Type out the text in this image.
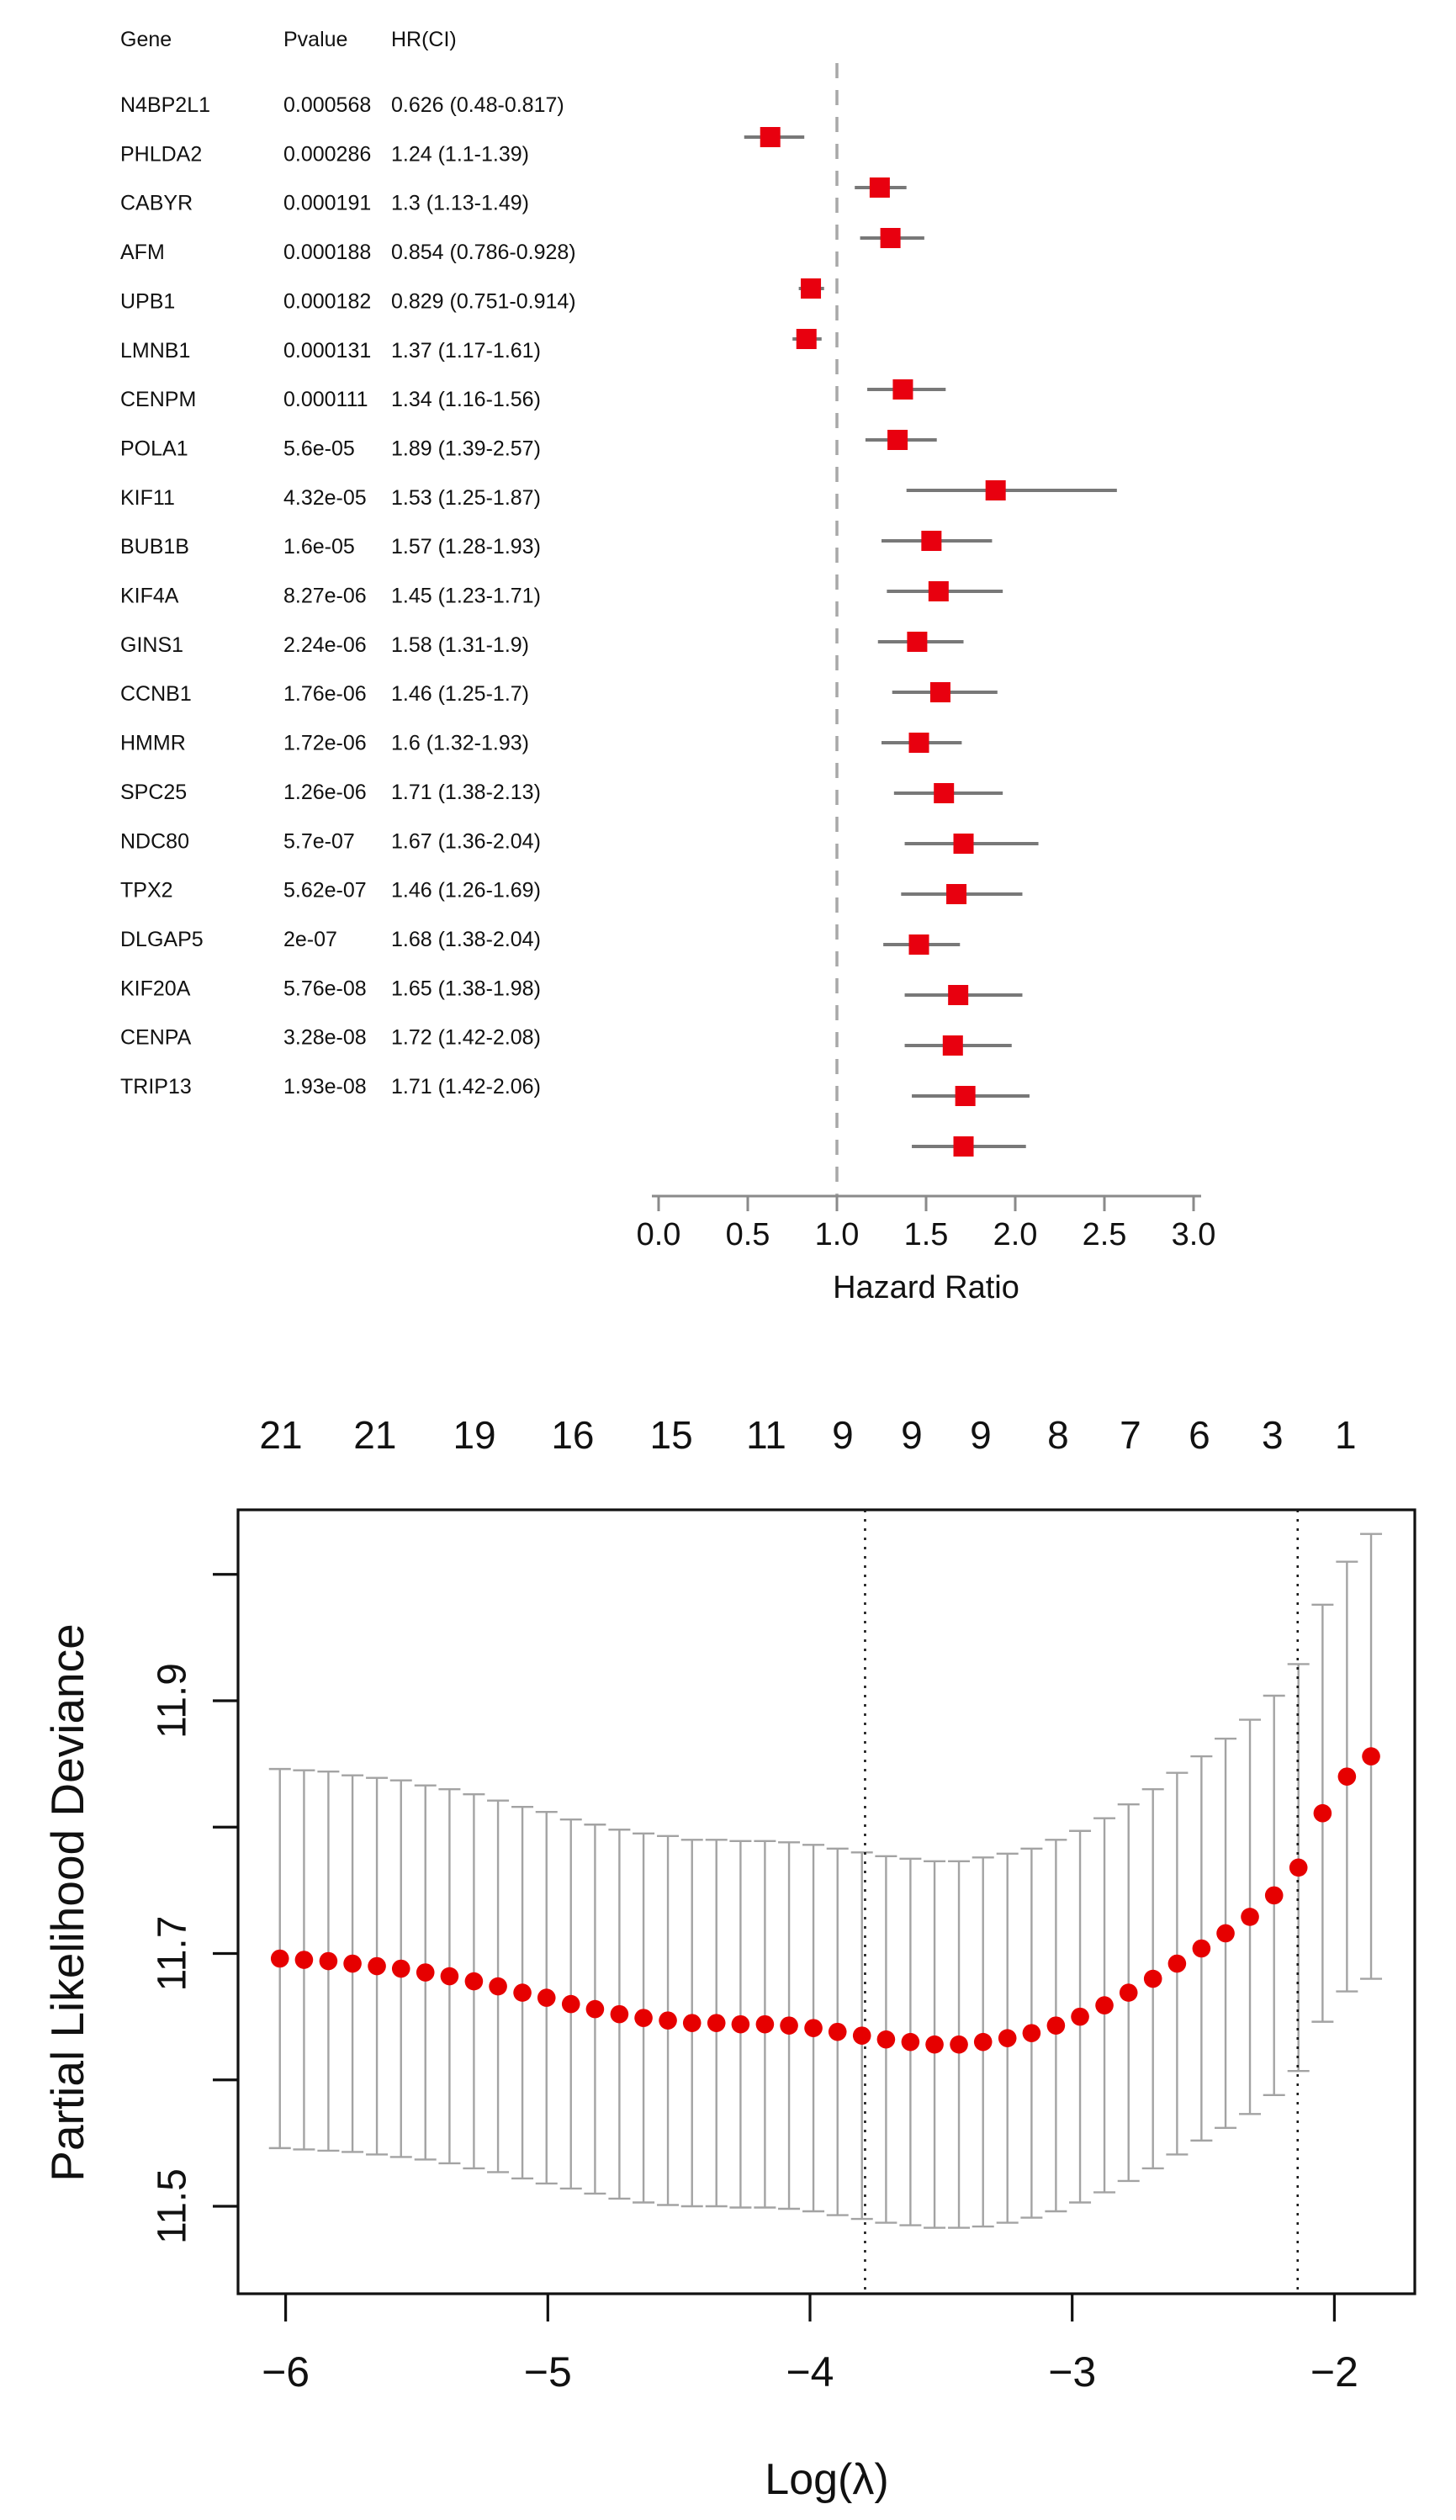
Gene	Pvalue HR(CI)
N4BP2L1	0.000568 0.626 (0.48-0.817)
PHLDA2	0.000286 1.24 (1.1-1.39)
CABYR	0.000191 1.3 (1.13-1.49)
AFM	0.000188 0.854 (0.786-0.928)
UPB1	0.000182 0.829 (0.751-0.914)
LMNB1	0.000131 1.37 (1.17-1.61)
CENPM	0.000111 1.34 (1.16-1.56)
POLA1	5.6e-05 1.89 (1.39-2.57)
KIF11	4.32e-05 1.53 (1.25-1.87)
BUB1B	1.6e-05 1.57 (1.28-1.93)
KIF4A	8.27e-06 1.45 (1.23-1.71)
GINS1	2.24e-06 1.58 (1.31-1.9)
CCNB1	1.76e-06 1.46 (1.25-1.7)
HMMR	1.72e-06 1.6 (1.32-1.93)
SPC25	1.26e-06 1.71 (1.38-2.13)
NDC80	5.7e-07 1.67 (1.36-2.04)
TPX2	5.62e-07 1.46 (1.26-1.69)
DLGAP5	2e-07	1.68 (1.38-2.04)
KIF20A	5.76e-08 1.65 (1.38-1.98)
CENPA	3.28e-08 1.72 (1.42-2.08)
TRIP13	1.93e-08 1.71 (1.42-2.06)
0.0 0.5 1.0 1.5 2.0 2.5 3.0
Hazard Ratio
21 21 19 16 15 11 9 9 9 8 7 6 3 1
11.5
11.7
11.9
−6	−5	−4	−3	−2
Partial Likelihood Deviance
Log(λ)
